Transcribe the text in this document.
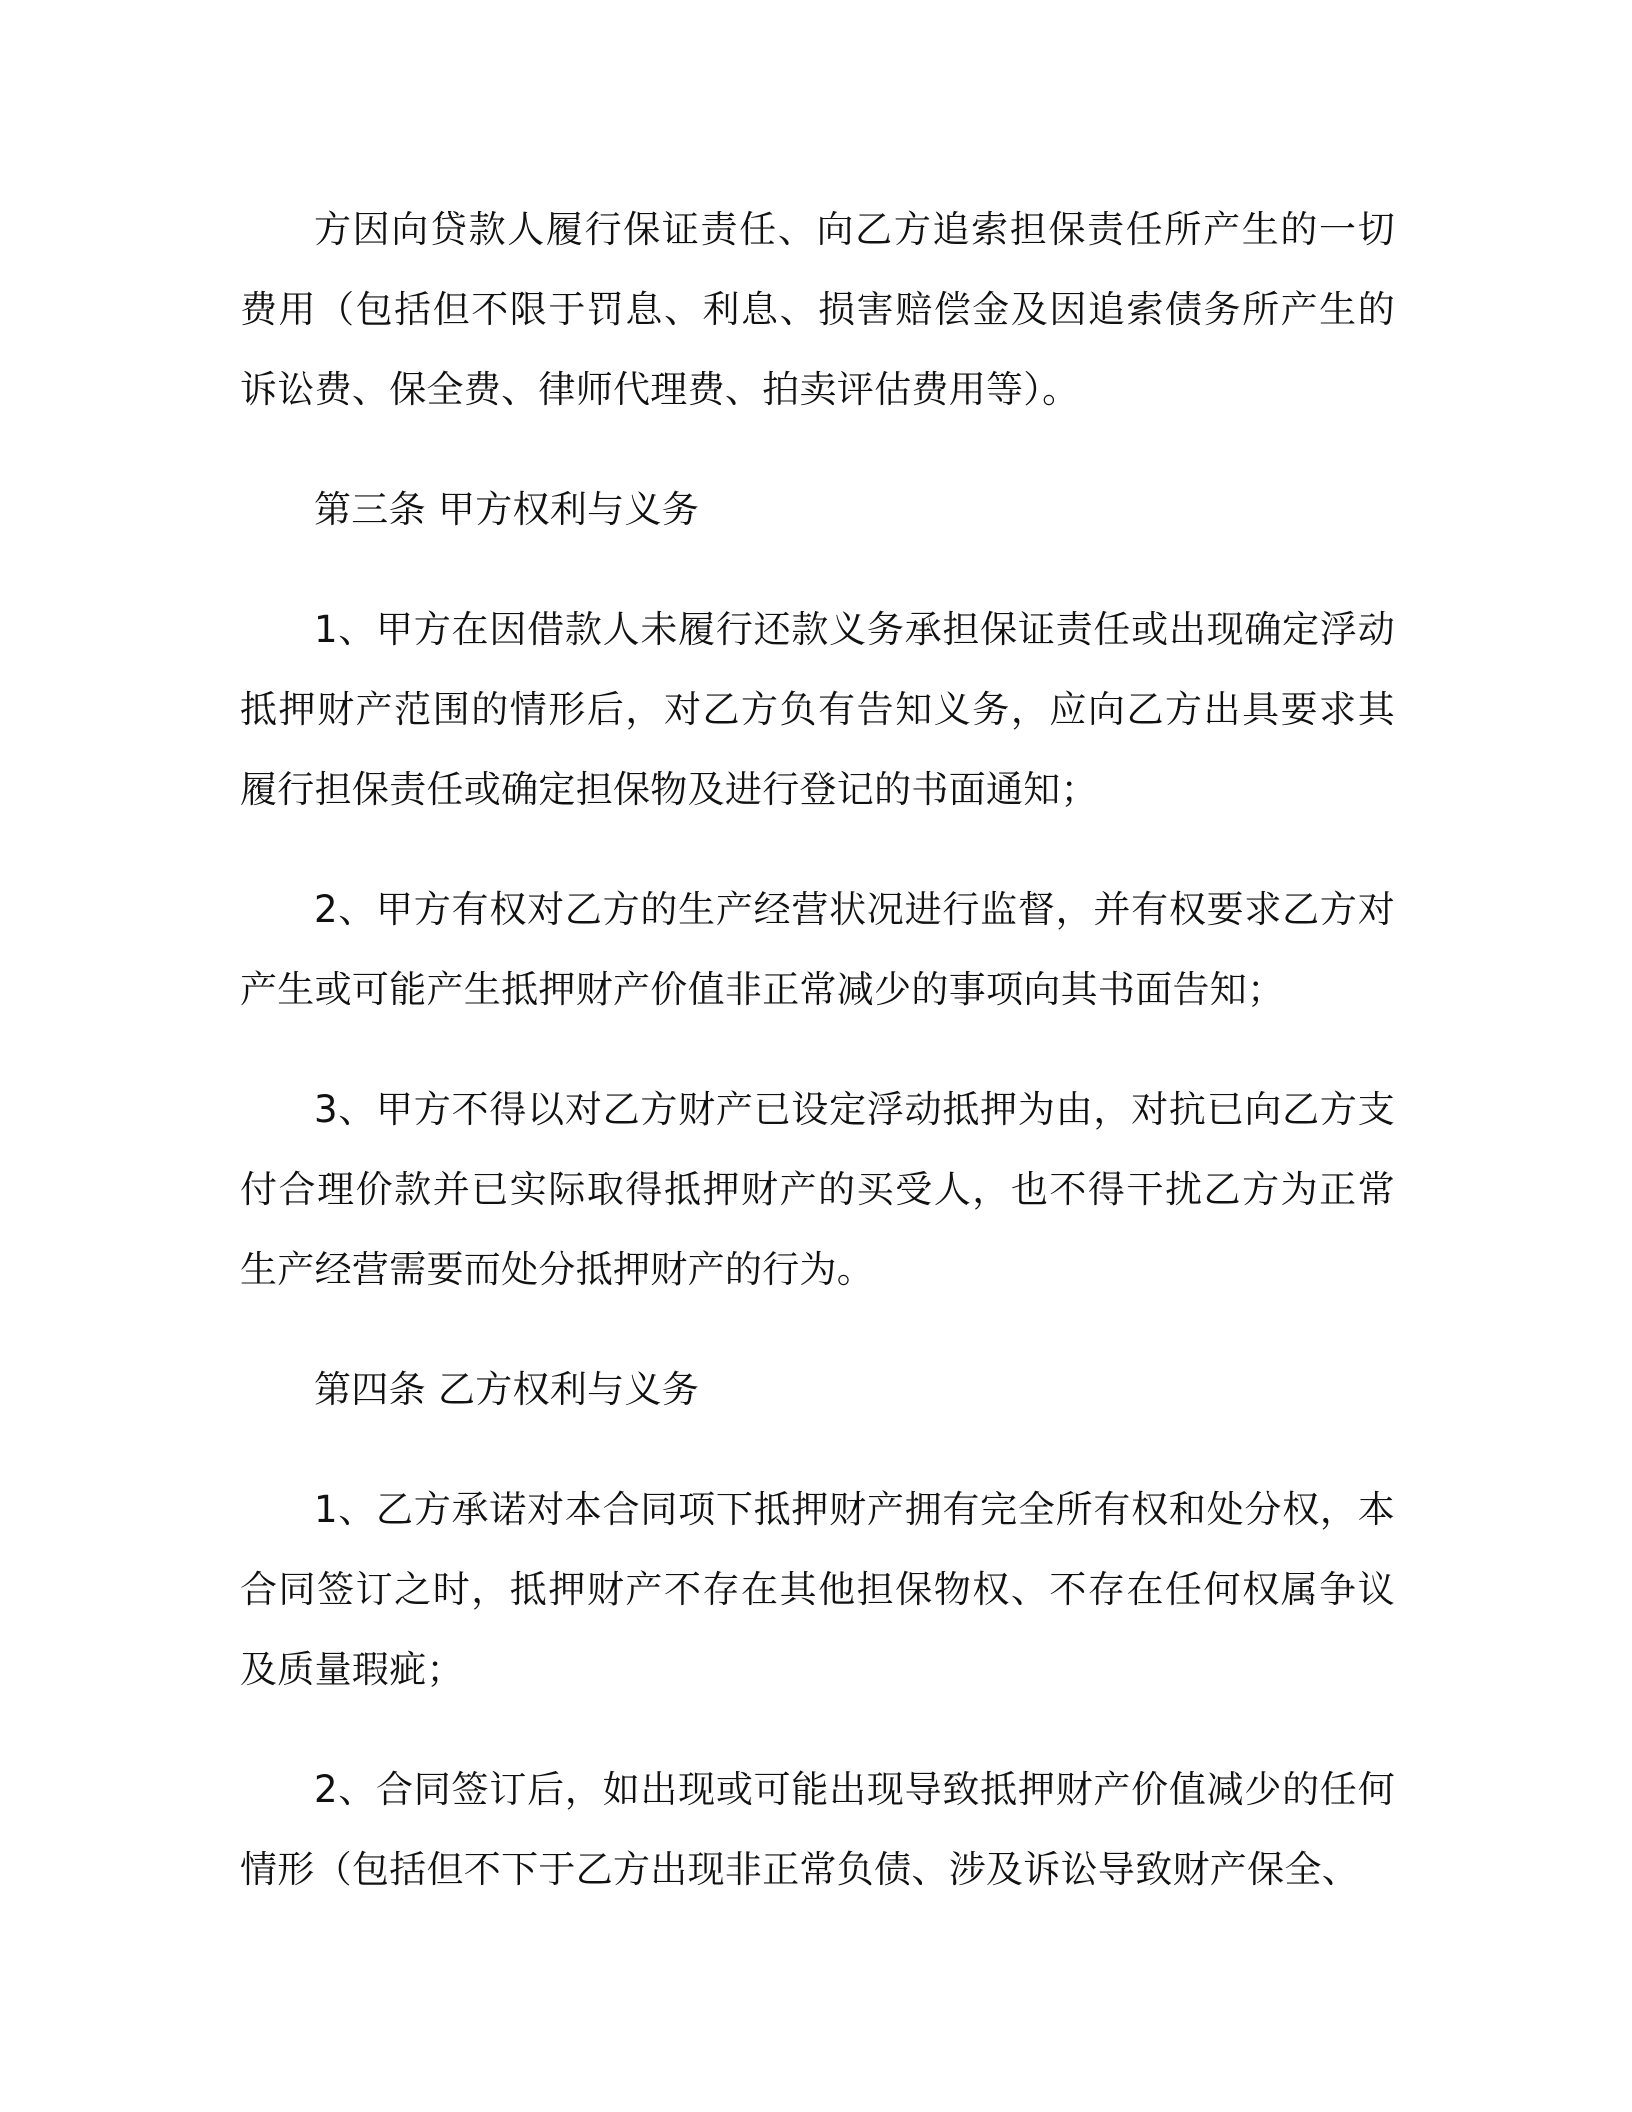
方因向贷款人履行保证责任、向乙方追索担保责任所产生的一切费用（包括但不限于罚息、利息、损害赔偿金及因追索债务所产生的诉讼费、保全费、律师代理费、拍卖评估费用等）。

第三条 甲方权利与义务

1、甲方在因借款人未履行还款义务承担保证责任或出现确定浮动抵押财产范围的情形后，对乙方负有告知义务，应向乙方出具要求其履行担保责任或确定担保物及进行登记的书面通知；

2、甲方有权对乙方的生产经营状况进行监督，并有权要求乙方对产生或可能产生抵押财产价值非正常减少的事项向其书面告知；

3、甲方不得以对乙方财产已设定浮动抵押为由，对抗已向乙方支付合理价款并已实际取得抵押财产的买受人，也不得干扰乙方为正常生产经营需要而处分抵押财产的行为。

第四条 乙方权利与义务

1、乙方承诺对本合同项下抵押财产拥有完全所有权和处分权，本合同签订之时，抵押财产不存在其他担保物权、不存在任何权属争议及质量瑕疵；

2、合同签订后，如出现或可能出现导致抵押财产价值减少的任何情形（包括但不下于乙方出现非正常负债、涉及诉讼导致财产保全、
